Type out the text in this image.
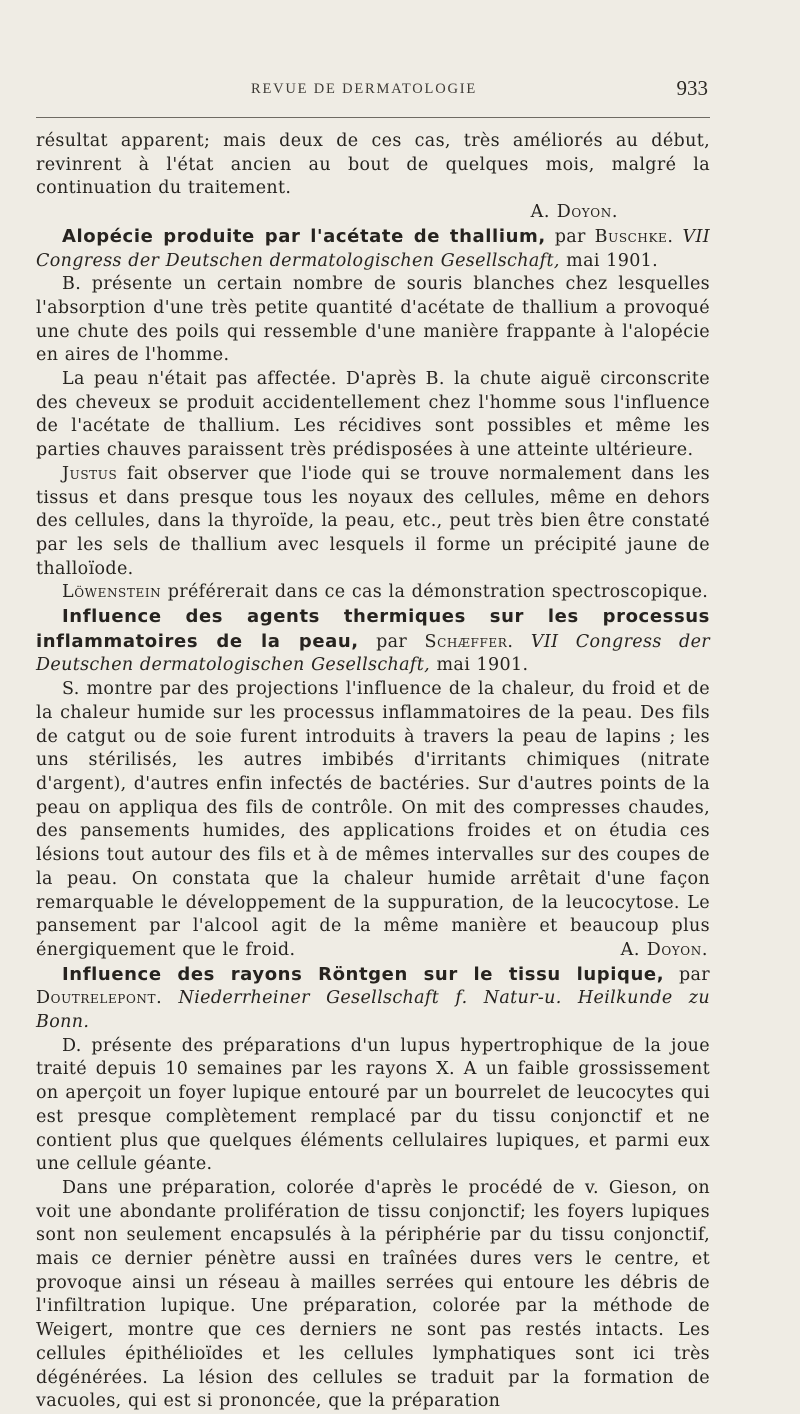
REVUE DE DERMATOLOGIE	933

résultat apparent; mais deux de ces cas, très améliorés au début, revinrent à l'état ancien au bout de quelques mois, malgré la continuation du traitement.
A. Doyon.

Alopécie produite par l'acétate de thallium, par Buschke. VII Congress der Deutschen dermatologischen Gesellschaft, mai 1901.

B. présente un certain nombre de souris blanches chez lesquelles l'absorption d'une très petite quantité d'acétate de thallium a provoqué une chute des poils qui ressemble d'une manière frappante à l'alopécie en aires de l'homme.

La peau n'était pas affectée. D'après B. la chute aiguë circonscrite des cheveux se produit accidentellement chez l'homme sous l'influence de l'acétate de thallium. Les récidives sont possibles et même les parties chauves paraissent très prédisposées à une atteinte ultérieure.

Justus fait observer que l'iode qui se trouve normalement dans les tissus et dans presque tous les noyaux des cellules, même en dehors des cellules, dans la thyroïde, la peau, etc., peut très bien être constaté par les sels de thallium avec lesquels il forme un précipité jaune de thalloïode.

Löwenstein préférerait dans ce cas la démonstration spectroscopique.

Influence des agents thermiques sur les processus inflammatoires de la peau, par Schæffer. VII Congress der Deutschen dermatologischen Gesellschaft, mai 1901.

S. montre par des projections l'influence de la chaleur, du froid et de la chaleur humide sur les processus inflammatoires de la peau. Des fils de catgut ou de soie furent introduits à travers la peau de lapins ; les uns stérilisés, les autres imbibés d'irritants chimiques (nitrate d'argent), d'autres enfin infectés de bactéries. Sur d'autres points de la peau on appliqua des fils de contrôle. On mit des compresses chaudes, des pansements humides, des applications froides et on étudia ces lésions tout autour des fils et à de mêmes intervalles sur des coupes de la peau. On constata que la chaleur humide arrêtait d'une façon remarquable le développement de la suppuration, de la leucocytose. Le pansement par l'alcool agit de la même manière et beaucoup plus énergiquement que le froid.	A. Doyon.

Influence des rayons Röntgen sur le tissu lupique, par Doutrelepont. Niederrheiner Gesellschaft f. Natur-u. Heilkunde zu Bonn.

D. présente des préparations d'un lupus hypertrophique de la joue traité depuis 10 semaines par les rayons X. A un faible grossissement on aperçoit un foyer lupique entouré par un bourrelet de leucocytes qui est presque complètement remplacé par du tissu conjonctif et ne contient plus que quelques éléments cellulaires lupiques, et parmi eux une cellule géante.

Dans une préparation, colorée d'après le procédé de v. Gieson, on voit une abondante prolifération de tissu conjonctif; les foyers lupiques sont non seulement encapsulés à la périphérie par du tissu conjonctif, mais ce dernier pénètre aussi en traînées dures vers le centre, et provoque ainsi un réseau à mailles serrées qui entoure les débris de l'infiltration lupique. Une préparation, colorée par la méthode de Weigert, montre que ces derniers ne sont pas restés intacts. Les cellules épithélioïdes et les cellules lymphatiques sont ici très dégénérées. La lésion des cellules se traduit par la formation de vacuoles, qui est si prononcée, que la préparation
